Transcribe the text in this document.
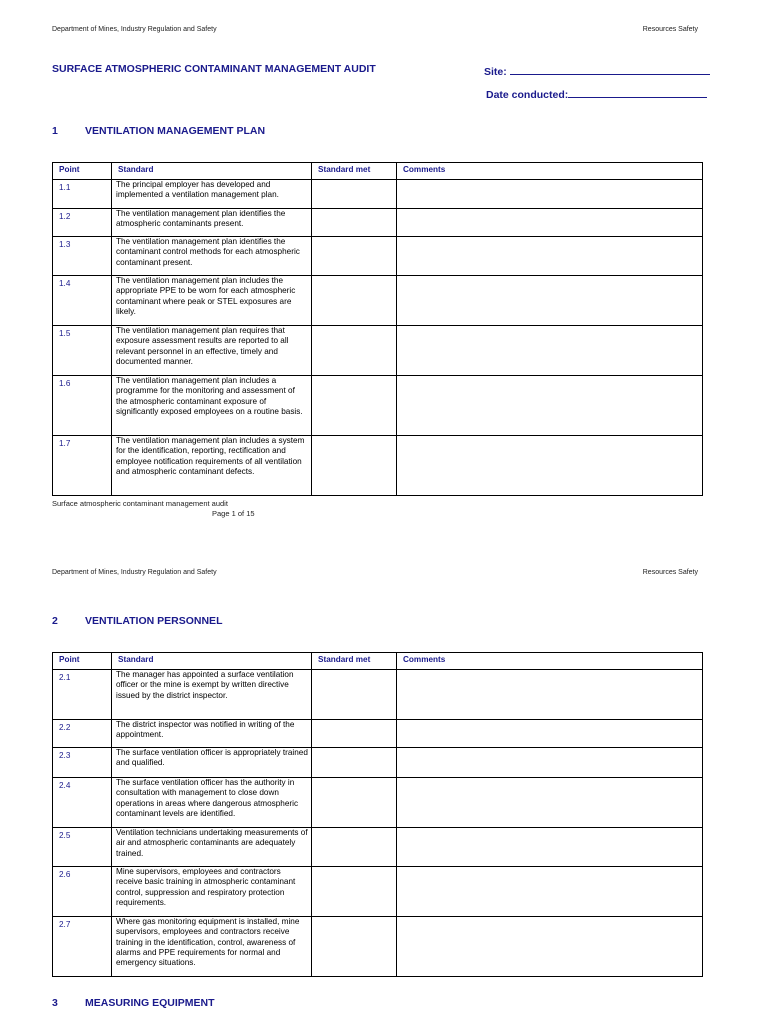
Department of Mines, Industry Regulation and Safety	Resources Safety
SURFACE ATMOSPHERIC CONTAMINANT MANAGEMENT AUDIT	Site:
Date conducted:
1	VENTILATION MANAGEMENT PLAN
Point	Standard	Standard met	Comments
1.1	The principal employer has developed and implemented a ventilation management plan.		
1.2	The ventilation management plan identifies the atmospheric contaminants present.		
1.3	The ventilation management plan identifies the contaminant control methods for each atmospheric contaminant present.		
1.4	The ventilation management plan includes the appropriate PPE to be worn for each atmospheric contaminant where peak or STEL exposures are likely.		
1.5	The ventilation management plan requires that exposure assessment results are reported to all relevant personnel in an effective, timely and documented manner.		
1.6	The ventilation management plan includes a programme for the monitoring and assessment of the atmospheric contaminant exposure of significantly exposed employees on a routine basis.		
1.7	The ventilation management plan includes a system for the identification, reporting, rectification and employee notification requirements of all ventilation and atmospheric contaminant defects.		
Surface atmospheric contaminant management audit
Page 1 of 15
Department of Mines, Industry Regulation and Safety	Resources Safety
2	VENTILATION PERSONNEL
Point	Standard	Standard met	Comments
2.1	The manager has appointed a surface ventilation officer or the mine is exempt by written directive issued by the district inspector.		
2.2	The district inspector was notified in writing of the appointment.		
2.3	The surface ventilation officer is appropriately trained and qualified.		
2.4	The surface ventilation officer has the authority in consultation with management to close down operations in areas where dangerous atmospheric contaminant levels are identified.		
2.5	Ventilation technicians undertaking measurements of air and atmospheric contaminants are adequately trained.		
2.6	Mine supervisors, employees and contractors receive basic training in atmospheric contaminant control, suppression and respiratory protection requirements.		
2.7	Where gas monitoring equipment is installed, mine supervisors, employees and contractors receive training in the identification, control, awareness of alarms and PPE requirements for normal and emergency situations.		
3	MEASURING EQUIPMENT
